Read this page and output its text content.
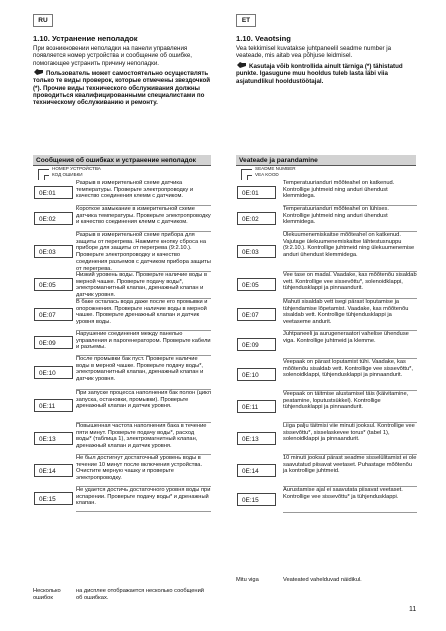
RU
1.10. Устранение неполадок
При возникновении неполадки на панели управления появляется номер устройства и сообщение об ошибке, помогающее устранить причину неполадки.
Пользователь может самостоятельно осуществлять только те виды проверок, которые отмечены звездочкой (*). Прочие виды технического обслуживания должны проводиться квалифицированными специалистами по техническому обслуживанию и ремонту.
Сообщения об ошибках и устранение неполадок
НОМЕР УСТРОЙСТВА
КОД ОШИБКИ
0E:01
Разрыв в измерительной схеме датчика температуры. Проверьте электропроводку и качество соединения клемм с датчиком.
0E:02
Короткое замыкание в измерительной схеме датчика температуры. Проверьте электропроводку и качество соединения клемм с датчиком.
0E:03
Разрыв в измерительной схеме прибора для защиты от перегрева. Нажмите кнопку сброса на приборе для защиты от перегрева (9:2.10.). Проверьте электропроводку и качество соединения разъемов с датчиком прибора защиты от перегрева.
0E:05
Низкий уровень воды. Проверьте наличие воды в мерной чашке. Проверьте подачу воды*, электромагнитный клапан, дренажный клапан и датчик уровня.
0E:07
В баке осталась вода даже после его промывки и опорожнения. Проверьте наличие воды в мерной чашке. Проверьте дренажный клапан и датчик уровня воды.
0E:09
Нарушение соединения между панелью управления и парогенератором. Проверьте кабели и разъемы.
0E:10
После промывки бак пуст. Проверьте наличие воды в мерной чашке. Проверьте подачу воды*, электромагнитный клапан, дренажный клапан и датчик уровня.
0E:11
При запуске процесса наполнения бак полон (цикл запуска, остановки, промывки). Проверьте дренажный клапан и датчик уровня.
0E:13
Повышенная частота наполнения бака в течение пяти минут. Проверьте подачу воды*, расход воды* (таблица 1), электромагнитный клапан, дренажный клапан и датчик уровня.
0E:14
Не был достигнут достаточный уровень воды в течение 10 минут после включения устройства. Очистите мерную чашку и проверьте электропроводку.
0E:15
Не удается достичь достаточного уровня воды при испарении. Проверьте подачу воды* и дренажный клапан.
Несколько ошибок
на дисплее отображается несколько сообщений об ошибках.
ET
1.10. Veaotsing
Vea tekkimisel kuvatakse juhtpaneelil seadme number ja veateade, mis aitab vea põhjuse leidmisel.
Kasutaja võib kontrollida ainult tärniga (*) tähistatud punkte. Igasugune muu hooldus tuleb lasta läbi viia asjatundlikul hooldustöötajal.
Veateade ja parandamine
SEADME NUMBER
VEA KOOD
0E:01
Temperatuurianduri mõõteahel on katkenud. Kontrollige juhtmeid ning anduri ühendust klemmidega.
0E:02
Temperatuurianduri mõõteahel on lühises. Kontrollige juhtmeid ning anduri ühendust klemmidega.
0E:03
Ülekuumenemiskaitse mõõteahel on katkenud. Vajutage ülekuumenemiskaitse lähtestusnuppu (9:2.10.). Kontrollige juhtmeid ning ülekuumenemise anduri ühendust klemmidega.
0E:05
Vee tase on madal. Vaadake, kas mõõtenõu sisaldab vett. Kontrollige vee sissevõttu*, solenoidklappi, tühjendusklappi ja pinnaandurit.
0E:07
Mahuti sisaldab vett isegi pärast loputamise ja tühjendamise lõpetamist. Vaadake, kas mõõtenõu sisaldab vett. Kontrollige tühjendusklappi ja veetaseme andurit.
0E:09
Juhtpaneeli ja aurugeneraatori vahelise ühenduse viga. Kontrollige juhtmeid ja klemme.
0E:10
Veepaak on pärast loputamist tühi. Vaadake, kas mõõtenõu sisaldab vett. Kontrollige vee sissevõttu*, solenoidklappi, tühjendusklappi ja pinnaandurit.
0E:11
Veepaak on täitmise alustamisel täis (käivitamine, peatamine, loputustsükkel). Kontrollige tühjendusklappi ja pinnaandurit.
0E:13
Liiga palju täitmisi viie minuti jooksul. Kontrollige vee sissevõttu*, sisselaskevee torus* (tabel 1), solenoidklappi ja pinnaandurit.
0E:14
10 minuti jooksul pärast seadme sisselülitamist ei ole saavutatud piisavat veetaset. Puhastage mõõtenõu ja kontrollige juhtmeid.
0E:15
Aurustamise ajal ei saavutata piisavat veetaset. Kontrollige vee sissevõttu* ja tühjendusklappi.
Mitu viga	Veateated vahelduvad näidikul.
11
